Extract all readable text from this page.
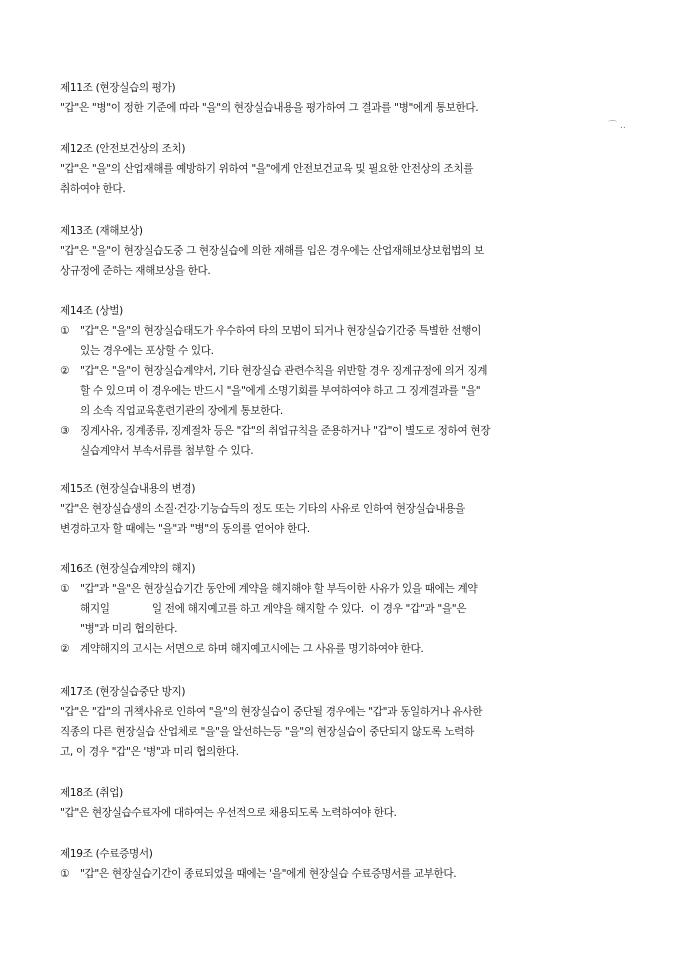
제11조 (현장실습의 평가)
"갑"은 "병"이 정한 기준에 따라 "을"의 현장실습내용을 평가하여 그 결과를 "병"에게 통보한다.
⌒ ‥
제12조 (안전보건상의 조치)
"갑"은 "을"의 산업재해를 예방하기 위하여 "을"에게 안전보건교육 및 필요한 안전상의 조치를
취하여야 한다.
제13조 (재해보상)
"갑"은 "을"이 현장실습도중 그 현장실습에 의한 재해를 입은 경우에는 산업재해보상보험법의 보
상규정에 준하는 재해보상을 한다.
제14조 (상벌)
① "갑"은 "을"의 현장실습태도가 우수하여 타의 모범이 되거나 현장실습기간중 특별한 선행이
있는 경우에는 포상할 수 있다.
② "갑"은 "을"이 현장실습계약서, 기타 현장실습 관련수칙을 위반할 경우 징계규정에 의거 징계
할 수 있으며 이 경우에는 반드시 "을"에게 소명기회를 부여하여야 하고 그 징계결과를 "을"
의 소속 직업교육훈련기관의 장에게 통보한다.
③ 징계사유, 징계종류, 징계절차 등은 "갑"의 취업규칙을 준용하거나 "갑"이 별도로 정하여 현장
실습계약서 부속서류를 첨부할 수 있다.
제15조 (현장실습내용의 변경)
"갑"은 현장실습생의 소질·건강·기능습득의 정도 또는 기타의 사유로 인하여 현장실습내용을
변경하고자 할 때에는 "을"과 "병"의 동의를 얻어야 한다.
제16조 (현장실습계약의 해지)
① "갑"과 "을"은 현장실습기간 동안에 계약을 해지해야 할 부득이한 사유가 있을 때에는 계약
해지일              일 전에 해지예고를 하고 계약을 해지할 수 있다.  이 경우 "갑"과 "을"은
"병"과 미리 협의한다.
② 계약해지의 고시는 서면으로 하며 해지예고시에는 그 사유를 명기하여야 한다.
제17조 (현장실습중단 방지)
"갑"은 "갑"의 귀책사유로 인하여 "을"의 현장실습이 중단될 경우에는 "갑"과 동일하거나 유사한
직종의 다른 현장실습 산업체로 "을"을 알선하는등 "을"의 현장실습이 중단되지 않도록 노력하
고, 이 경우 "갑"은 '병"과 미리 협의한다.
제18조 (취업)
"갑"은 현장실습수료자에 대하여는 우선적으로 채용되도록 노력하여야 한다.
제19조 (수료증명서)
① "갑"은 현장실습기간이 종료되었을 때에는 '을"에게 현장실습 수료증명서를 교부한다.
